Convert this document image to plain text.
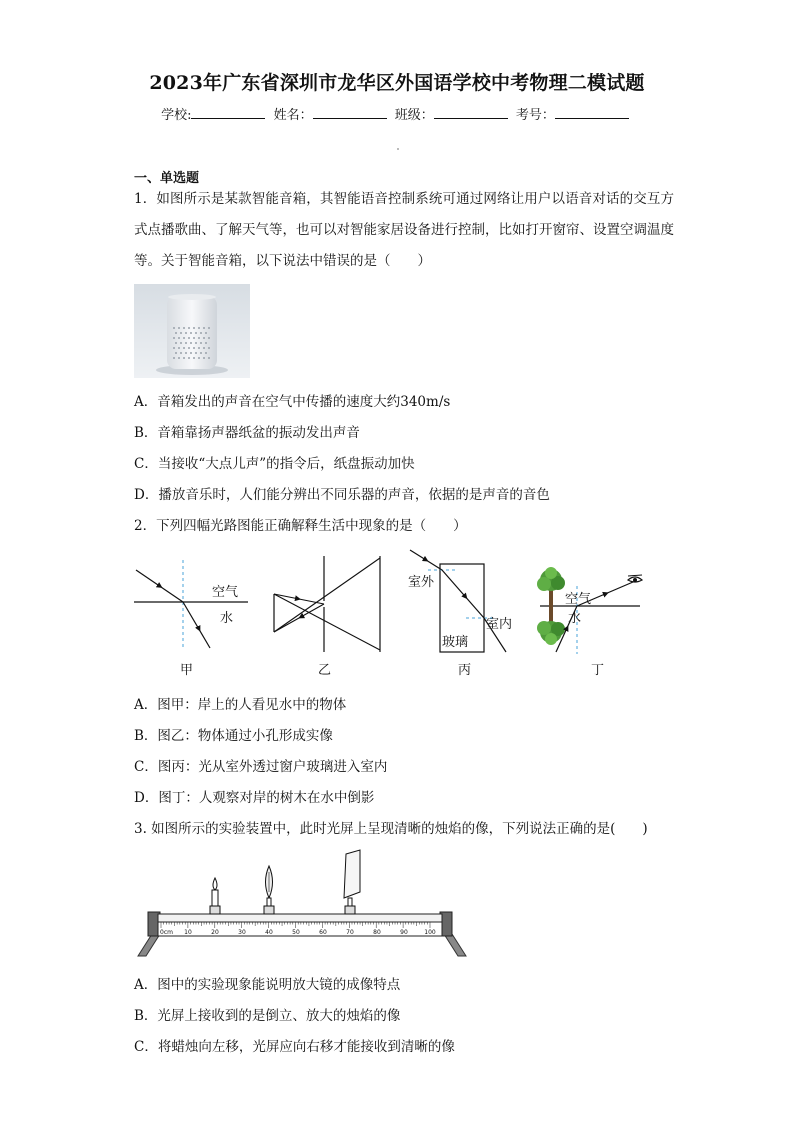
2023年广东省深圳市龙华区外国语学校中考物理二模试题
学校:	姓名：	班级：	考号：
一、单选题
1．如图所示是某款智能音箱，其智能语音控制系统可通过网络让用户以语音对话的交互方式点播歌曲、了解天气等，也可以对智能家居设备进行控制，比如打开窗帘、设置空调温度等。关于智能音箱，以下说法中错误的是（　　）
A．音箱发出的声音在空气中传播的速度大约340m/s
B．音箱靠扬声器纸盆的振动发出声音
C．当接收“大点儿声”的指令后，纸盘振动加快
D．播放音乐时，人们能分辨出不同乐器的声音，依据的是声音的音色
2．下列四幅光路图能正确解释生活中现象的是（　　）
空气
水
甲	乙
室外
室内
玻璃
丙
空气
水
丁
A．图甲：岸上的人看见水中的物体
B．图乙：物体通过小孔形成实像
C．图丙：光从室外透过窗户玻璃进入室内
D．图丁：人观察对岸的树木在水中倒影
3. 如图所示的实验装置中，此时光屏上呈现清晰的烛焰的像，下列说法正确的是(　　)
0cm 10	20	30	40	50	60	70	80	90	100
A．图中的实验现象能说明放大镜的成像特点
B．光屏上接收到的是倒立、放大的烛焰的像
C．将蜡烛向左移，光屏应向右移才能接收到清晰的像
